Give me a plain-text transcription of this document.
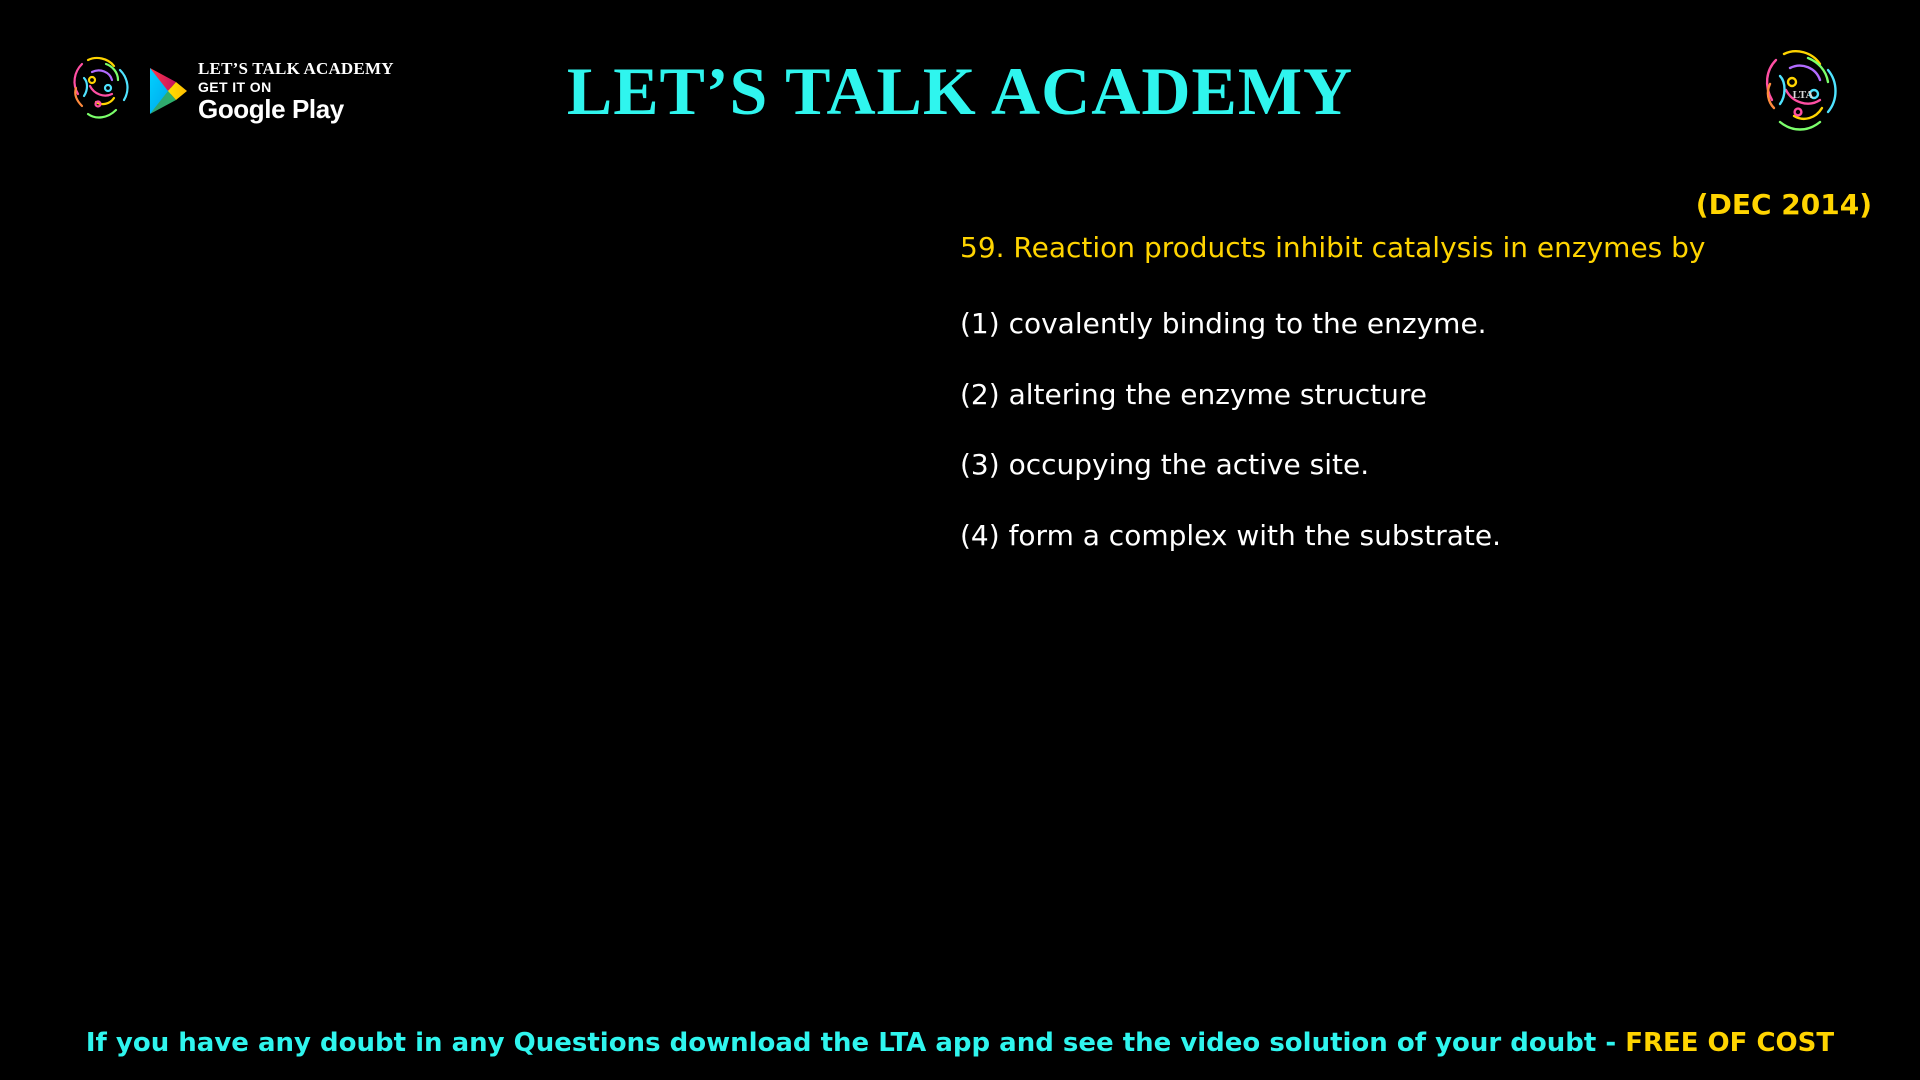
LET’S TALK ACADEMY
GET IT ON
Google Play	LET’S TALK ACADEMY	LTA
(DEC 2014)
59. Reaction products inhibit catalysis in enzymes by
(1) covalently binding to the enzyme.
(2) altering the enzyme structure
(3) occupying the active site.
(4) form a complex with the substrate.
If you have any doubt in any Questions download the LTA app and see the video solution of your doubt - FREE OF COST
